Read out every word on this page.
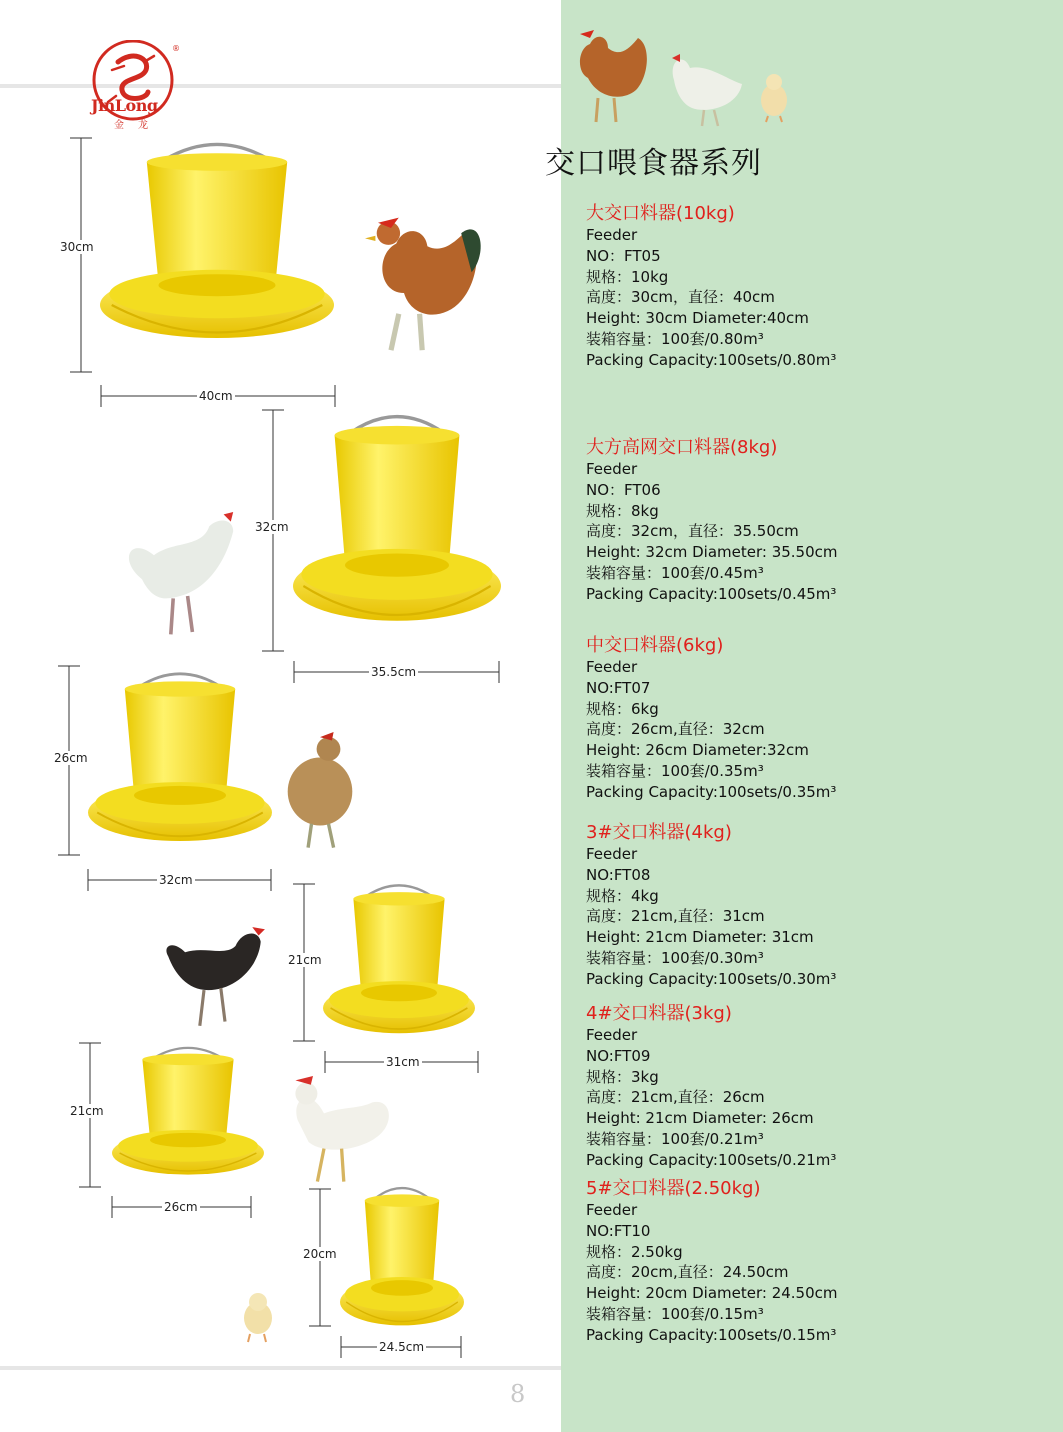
®
JinLong
金龙
30cm
40cm
32cm
35.5cm
26cm
32cm
21cm
31cm
21cm
26cm
20cm
24.5cm
交口喂食器系列
大交口料器(10kg)
Feeder
NO：FT05
规格：10kg
高度：30cm，直径：40cm
Height: 30cm Diameter:40cm
装箱容量：100套/0.80m³
Packing Capacity:100sets/0.80m³
大方高网交口料器(8kg)
Feeder
NO：FT06
规格：8kg
高度：32cm，直径：35.50cm
Height: 32cm Diameter: 35.50cm
装箱容量：100套/0.45m³
Packing Capacity:100sets/0.45m³
中交口料器(6kg)
Feeder
NO:FT07
规格：6kg
高度：26cm,直径：32cm
Height: 26cm Diameter:32cm
装箱容量：100套/0.35m³
Packing Capacity:100sets/0.35m³
3#交口料器(4kg)
Feeder
NO:FT08
规格：4kg
高度：21cm,直径：31cm
Height: 21cm Diameter: 31cm
装箱容量：100套/0.30m³
Packing Capacity:100sets/0.30m³
4#交口料器(3kg)
Feeder
NO:FT09
规格：3kg
高度：21cm,直径：26cm
Height: 21cm Diameter: 26cm
装箱容量：100套/0.21m³
Packing Capacity:100sets/0.21m³
5#交口料器(2.50kg)
Feeder
NO:FT10
规格：2.50kg
高度：20cm,直径：24.50cm
Height: 20cm Diameter: 24.50cm
装箱容量：100套/0.15m³
Packing Capacity:100sets/0.15m³
8
